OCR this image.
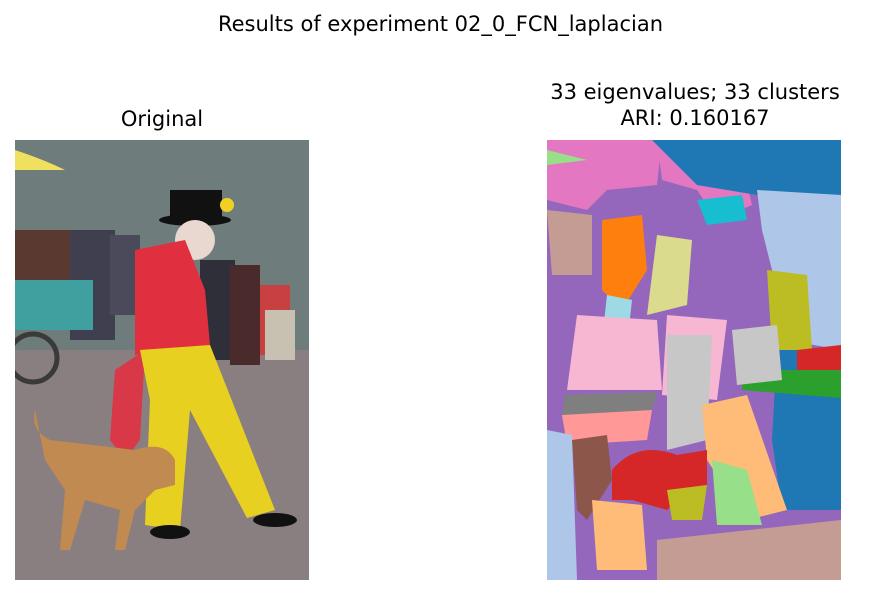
Results of experiment 02_0_FCN_laplacian
Original
33 eigenvalues; 33 clusters
ARI: 0.160167
